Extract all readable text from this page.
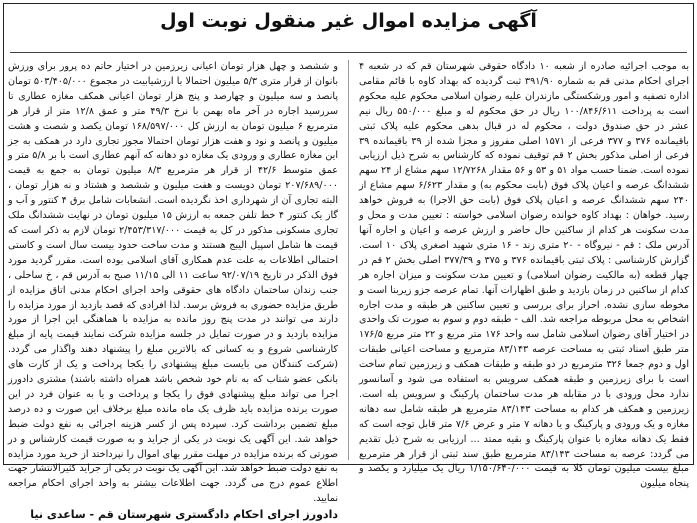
آگهی مزایده اموال غیر منقول نوبت اول

به موجب اجرائیه صادره از شعبه ۱۰ دادگاه حقوقی شهرستان قم که در شعبه ۴ اجرای احکام مدنی قم به شماره ۳۹۱/۹۰ ثبت گردیده که بهداد کاوه با قائم مقامی اداره تصفیه و امور ورشکستگی مازندران علیه رضوان اسلامی محکوم علیه محکوم است به پرداخت ۱۰۰/۸۴۶/۶۱۱ ریال در حق محکوم له و مبلغ ۵۵۰/۰۰۰ ریال نیم عشر در حق صندوق دولت ، محکوم له در قبال بدهی محکوم علیه پلاک ثبتی باقیمانده ۳۷۶ و ۳۷۷ فرعی از ۱۵۷۱ اصلی مفروز و مجزا شده از ۳۹ باقیمانده ۳۹ فرعی از اصلی مذکور بخش ۲ قم توقیف نموده که کارشناس به شرح ذیل ارزیابی نموده است. ضمنا حسب مواد ۵۱ و ۵۳ و ۵۶ مقدار ۱۲/۷۲۶۸ سهم مشاع از ۲۴ سهم ششدانگ عرصه و اعیان پلاک فوق (بابت محکوم به) و مقدار ۶/۶۲۳ سهم مشاع از ۲۴۰ سهم ششدانگ عرصه و اعیان پلاک فوق (بابت حق الاجرا) به فروش خواهد رسید. خواهان : بهداد کاوه خوانده رضوان اسلامی خواسته : تعیین مدت و محل و مدت سکونت هر کدام از ساکنین حال حاضر و ارزش عرصه و اعیان و اجاره آنها آدرس ملک : قم - نیروگاه - ۲۰ متری زند - ۱۶ متری شهید اصغری پلاک ۱۰ است. گزارش کارشناسی : پلاک ثبتی باقیمانده ۳۷۶ و ۳۷۵ و ۳۷۷/۳۹ اصلی بخش ۲ قم در چهار قطعه (به مالکیت رضوان اسلامی) و تعیین مدت سکونت و میزان اجاره هر کدام از ساکنین در زمان بازدید و طبق اظهارات آنها. تمام عرصه جزو زیربنا است و مخوطه سازی نشده. احراز برای بررسی و تعیین ساکنین هر طبقه و مدت اجاره اشخاص به محل مربوطه مراجعه شد. الف - طبقه دوم و سوم به صورت تک واحدی در اختیار آقای رضوان اسلامی شامل سه واحد ۱۷۶ متر مربع و ۲۲ متر مربع ۱۷۶/۵ متر طبق اسناد ثبتی به مساحت عرصه ۸۳/۱۴۳ مترمربع و مساحت اعیانی طبقات اول و دوم جمعا ۳۲۶ مترمربع در دو طبقه و طبقات همکف و زیرزمین تمام ساخت است با برای زیرزمین و طبقه همکف سرویس به استفاده می شود و آسانسور ندارد محل ورودی با در مقابله هر مدت ساختمان پارکینگ و سرویس بله است. زیرزمین و همکف هر کدام به مساحت ۸۳/۱۴۳ مترمربع هر طبقه شامل سه دهانه مغازه و یک ورودی و پارکینگ و یا دهانه ۷ متر و عرض ۷/۶ متر قابل توجه است که فقط یک دهانه مغازه با عنوان پارکینگ و بقیه ممتد ... ارزیابی به شرح ذیل تقدیم می گردد: عرصه به مساحت ۸۳/۱۴۳ مترمربع طبق سند ثبتی از قرار هر مترمربع مبلغ بیست میلیون تومان کلا به قیمت ۱/۱۵۰/۶۴۰/۰۰۰ ریال یک میلیارد و یکصد و پنجاه میلیون

و ششصد و چهل هزار تومان اعیانی زیرزمین در اختیار حاتم ده پرور برای ورزش بانوان از قرار متری ۵/۳ میلیون احتمالا با ارزشیابیت در مجموع ۵۰۳/۴۰۵/۰۰۰ تومان پانصد و سه میلیون و چهارصد و پنج هزار تومان اعیانی همکف مغازه عطاری تا سررسید اجاره در آخر ماه بهمن با نرخ ۴۹/۳ متر و عمق ۱۲/۸ متر از قرار هر مترمربع ۶ میلیون تومان به ارزش کل ۱۶۸/۵۹۷/۰۰۰ تومان یکصد و شصت و هشت میلیون و پانصد و نود و هفت هزار تومان احتمالا مجوز تجاری دارد در همکف به جز این مغازه عطاری و ورودی یک مغازه دو دهانه که آنهم عطاری است با بر ۵/۸ متر و عمق متوسط ۴۲/۶ از قرار هر مترمربع ۸/۳ میلیون تومان به جمع به قیمت ۲۰۷/۶۸۹/۰۰۰ تومان دویست و هفت میلیون و ششصد و هشتاد و نه هزار تومان ، البته تجاری آن از شهرداری اخذ نگردیده است. انشعابات شامل برق ۴ کنتور و آب و گاز یک کنتور ۴ خط تلفن جمعه به ارزش ۱۵ میلیون تومان در نهایت ششدانگ ملک تجاری مسکونی مذکور در کل به قیمت ۲/۴۵۳/۳۱۷/۰۰۰ تومان لازم به ذکر است که قیمت ها شامل اسپیل الیبج هستند و مدت ساخت حدود بیست سال است و کاستی احتمالی اطلاعات به علت عدم همکاری آقای اسلامی بوده است. مقرر گردید مورد فوق الذکر در تاریخ ۹۲/۰۷/۱۹ ساعت ۱۱ الی ۱۱/۱۵ صبح به آدرس قم ، خ ساحلی ، جنب زندان ساختمان دادگاه های حقوقی واحد اجرای احکام مدنی اتاق مزایده از طریق مزایده حضوری به فروش برسد. لذا افرادی که قصد بازدید از مورد مزایده را دارند می توانند در مدت پنج روز مانده به مزایده با هماهنگی این اجرا از مورد مزایده بازدید و در صورت تمایل در جلسه مزایده شرکت نمایند قیمت پایه از مبلغ کارشناسی شروع و به کسانی که بالاترین مبلغ را پیشنهاد دهند واگذار می گردد. (شرکت کنندگان می بایست مبلغ پیشنهادی را یکجا پرداخت و یک از کارت های بانکی عضو شتاب که به نام خود شخص باشد همراه داشته باشند) مشتری دادورز اجرا می تواند مبلغ پیشنهادی فوق را یکجا و پرداخت و یا به عنوان فرد در این صورت برنده مزایده باید ظرف یک ماه مانده مبلغ برخلاف این صورت و ده درصد مبلغ تضمین برداشت کرد. سپرده پس از کسر هزینه اجرائی به نفع دولت ضبط خواهد شد. این آگهی یک نوبت در یکی از جراید و به صورت قیمت کارشناس و در صورتی که برنده مزایده در مهلت مقرر بهای اموال را نپرداختد از خرید مورد مزایده به نفع دولت ضبط خواهد شد. این آگهی یک نوبت در یکی از جراید کثیرالانتشار جهت اطلاع عموم درج می گردد. جهت اطلاعات بیشتر به واحد اجرای احکام مراجعه نمایید.

دادورز اجرای احکام دادگستری شهرستان قم - ساعدی نیا
